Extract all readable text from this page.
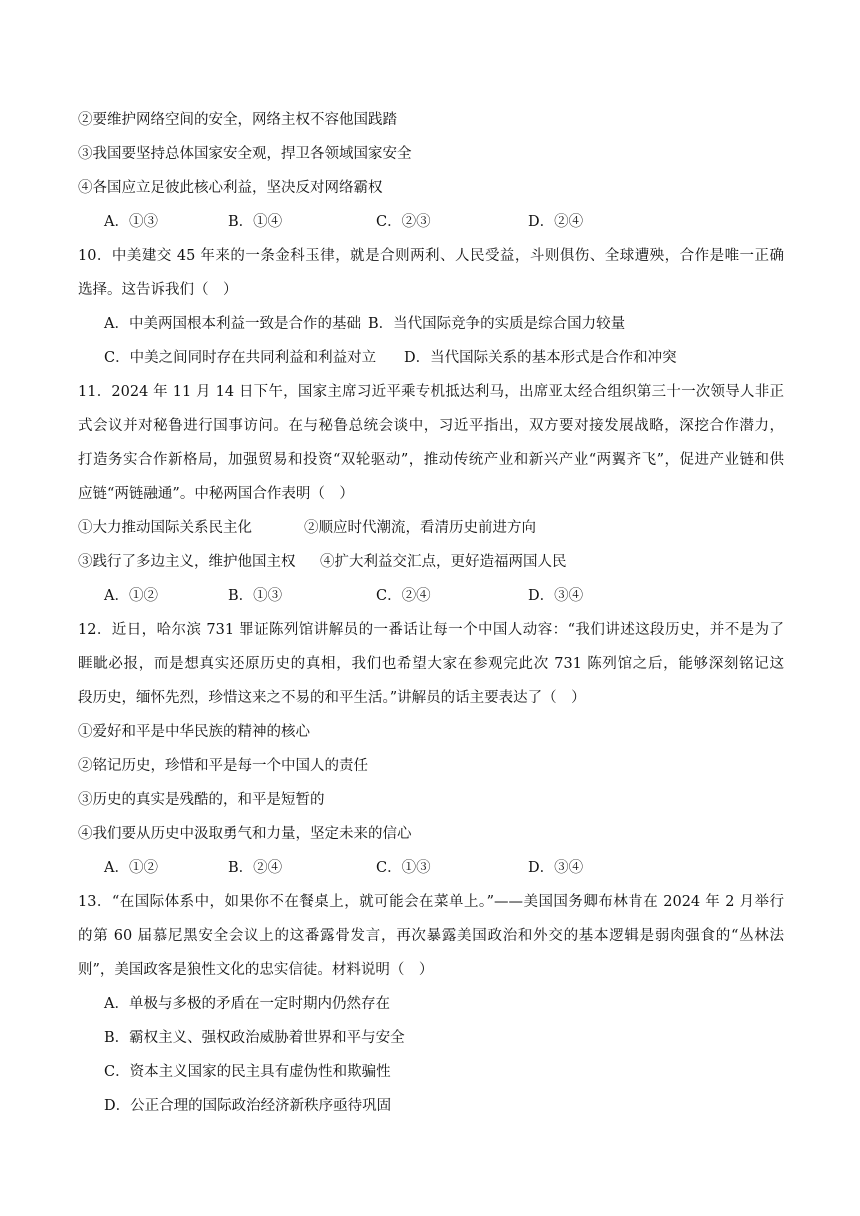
②要维护网络空间的安全，网络主权不容他国践踏
③我国要坚持总体国家安全观，捍卫各领域国家安全
④各国应立足彼此核心利益，坚决反对网络霸权
A．①③	B．①④	C．②③	D．②④
10．中美建交 45 年来的一条金科玉律，就是合则两利、人民受益，斗则俱伤、全球遭殃，合作是唯一正确
选择。这告诉我们（　）
A．中美两国根本利益一致是合作的基础 B．当代国际竞争的实质是综合国力较量
C．中美之间同时存在共同利益和利益对立 D．当代国际关系的基本形式是合作和冲突
11．2024 年 11 月 14 日下午，国家主席习近平乘专机抵达利马，出席亚太经合组织第三十一次领导人非正
式会议并对秘鲁进行国事访问。在与秘鲁总统会谈中，习近平指出，双方要对接发展战略，深挖合作潜力，
打造务实合作新格局，加强贸易和投资“双轮驱动”，推动传统产业和新兴产业“两翼齐飞”，促进产业链和供
应链“两链融通”。中秘两国合作表明（　）
①大力推动国际关系民主化	②顺应时代潮流，看清历史前进方向
③践行了多边主义，维护他国主权 ④扩大利益交汇点，更好造福两国人民
A．①②	B．①③	C．②④	D．③④
12．近日，哈尔滨 731 罪证陈列馆讲解员的一番话让每一个中国人动容：“我们讲述这段历史，并不是为了
睚眦必报，而是想真实还原历史的真相，我们也希望大家在参观完此次 731 陈列馆之后，能够深刻铭记这
段历史，缅怀先烈，珍惜这来之不易的和平生活。”讲解员的话主要表达了（　）
①爱好和平是中华民族的精神的核心
②铭记历史，珍惜和平是每一个中国人的责任
③历史的真实是残酷的，和平是短暂的
④我们要从历史中汲取勇气和力量，坚定未来的信心
A．①②	B．②④	C．①③	D．③④
13．“在国际体系中，如果你不在餐桌上，就可能会在菜单上。”——美国国务卿布林肯在 2024 年 2 月举行
的第 60 届慕尼黑安全会议上的这番露骨发言，再次暴露美国政治和外交的基本逻辑是弱肉强食的“丛林法
则”，美国政客是狼性文化的忠实信徒。材料说明（　）
A．单极与多极的矛盾在一定时期内仍然存在
B．霸权主义、强权政治威胁着世界和平与安全
C．资本主义国家的民主具有虚伪性和欺骗性
D．公正合理的国际政治经济新秩序亟待巩固
